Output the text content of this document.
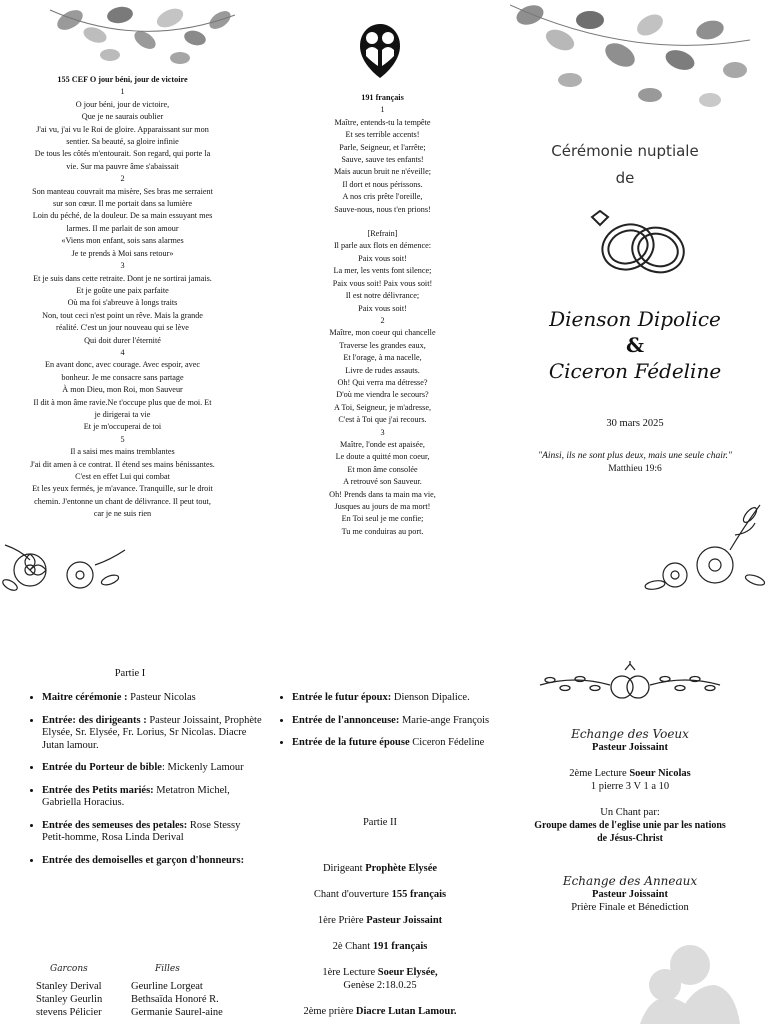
155 CEF O jour béni, jour de victoire
1
O jour béni, jour de victoire,
Que je ne saurais oublier
J'ai vu, j'ai vu le Roi de gloire. Apparaissant sur mon sentier. Sa beauté, sa gloire infinie
De tous les côtés m'entourait. Son regard, qui porte la vie. Sur ma pauvre âme s'abaissait
2
Son manteau couvrait ma misère, Ses bras me serraient sur son cœur. Il me portait dans sa lumière
Loin du péché, de la douleur. De sa main essuyant mes larmes. Il me parlait de son amour
«Viens mon enfant, sois sans alarmes
Je te prends à Moi sans retour»
3
Et je suis dans cette retraite. Dont je ne sortirai jamais. Et je goûte une paix parfaite
Où ma foi s'abreuve à longs traits
Non, tout ceci n'est point un rêve. Mais la grande réalité. C'est un jour nouveau qui se lève
Qui doit durer l'éternité
4
En avant donc, avec courage. Avec espoir, avec bonheur. Je me consacre sans partage
À mon Dieu, mon Roi, mon Sauveur
Il dit à mon âme ravie.Ne t'occupe plus que de moi. Et je dirigerai ta vie
Et je m'occuperai de toi
5
Il a saisi mes mains tremblantes
J'ai dit amen à ce contrat. Il étend ses mains bénissantes. C'est en effet Lui qui combat
Et les yeux fermés, je m'avance. Tranquille, sur le droit chemin. J'entonne un chant de délivrance. Il peut tout, car je ne suis rien
191 français
1
Maître, entends-tu la tempête
Et ses terrible accents!
Parle, Seigneur, et l'arrête;
Sauve, sauve tes enfants!
Mais aucun bruit ne n'éveille;
Il dort et nous périssons.
A nos cris prête l'oreille,
Sauve-nous, nous t'en prions!
[Refrain]
Il parle aux flots en démence:
Paix vous soit!
La mer, les vents font silence;
Paix vous soit! Paix vous soit!
Il est notre délivrance;
Paix vous soit!
2
Maître, mon coeur qui chancelle
Traverse les grandes eaux,
Et l'orage, à ma nacelle,
Livre de rudes assauts.
Oh! Qui verra ma détresse?
D'où me viendra le secours?
A Toi, Seigneur, je m'adresse,
C'est à Toi que j'ai recours.
3
Maître, l'onde est apaisée,
Le doute a quitté mon coeur,
Et mon âme consolée
A retrouvé son Sauveur.
Oh! Prends dans ta main ma vie,
Jusques au jours de ma mort!
En Toi seul je me confie;
Tu me conduiras au port.
Cérémonie nuptiale
de
Dienson Dipolice
&
Ciceron Fédeline
30 mars 2025
"Ainsi, ils ne sont plus deux, mais une seule chair."
Matthieu 19:6
Partie I
• Maitre cérémonie : Pasteur Nicolas
• Entrée: des dirigeants : Pasteur Joissaint, Prophète Elysée, Sr. Elysée, Fr. Lorius, Sr Nicolas. Diacre Jutan lamour.
• Entrée du Porteur de bible: Mickenly Lamour
• Entrée des Petits mariés: Metatron Michel, Gabriella Horacius.
• Entrée des semeuses des petales: Rose Stessy Petit-homme, Rosa Linda Derival
• Entrée des demoiselles et garçon d'honneurs:
Garcons
Stanley Derival
Stanley Geurlin
stevens Pélicier
Filles
Geurline Lorgeat
Bethsaïda Honoré R.
Germanie Saurel-aine
• Entrée le futur époux: Dienson Dipalice.
• Entrée de l'annonceuse: Marie-ange François
• Entrée de la future épouse Ciceron Fédeline
Partie II
Dirigeant Prophète Elysée
Chant d'ouverture 155 français
1ère Prière Pasteur Joissaint
2è Chant 191 français
1ère Lecture Soeur Elysée,
Genèse 2:18.0.25
2ème prière Diacre Lutan Lamour.
Echange des Voeux
Pasteur Joissaint
2ème Lecture Soeur Nicolas
1 pierre 3 V 1 a 10
Un Chant par:
Groupe dames de l'eglise unie par les nations de Jésus-Christ
Echange des Anneaux
Pasteur Joissaint
Prière Finale et Bénediction
